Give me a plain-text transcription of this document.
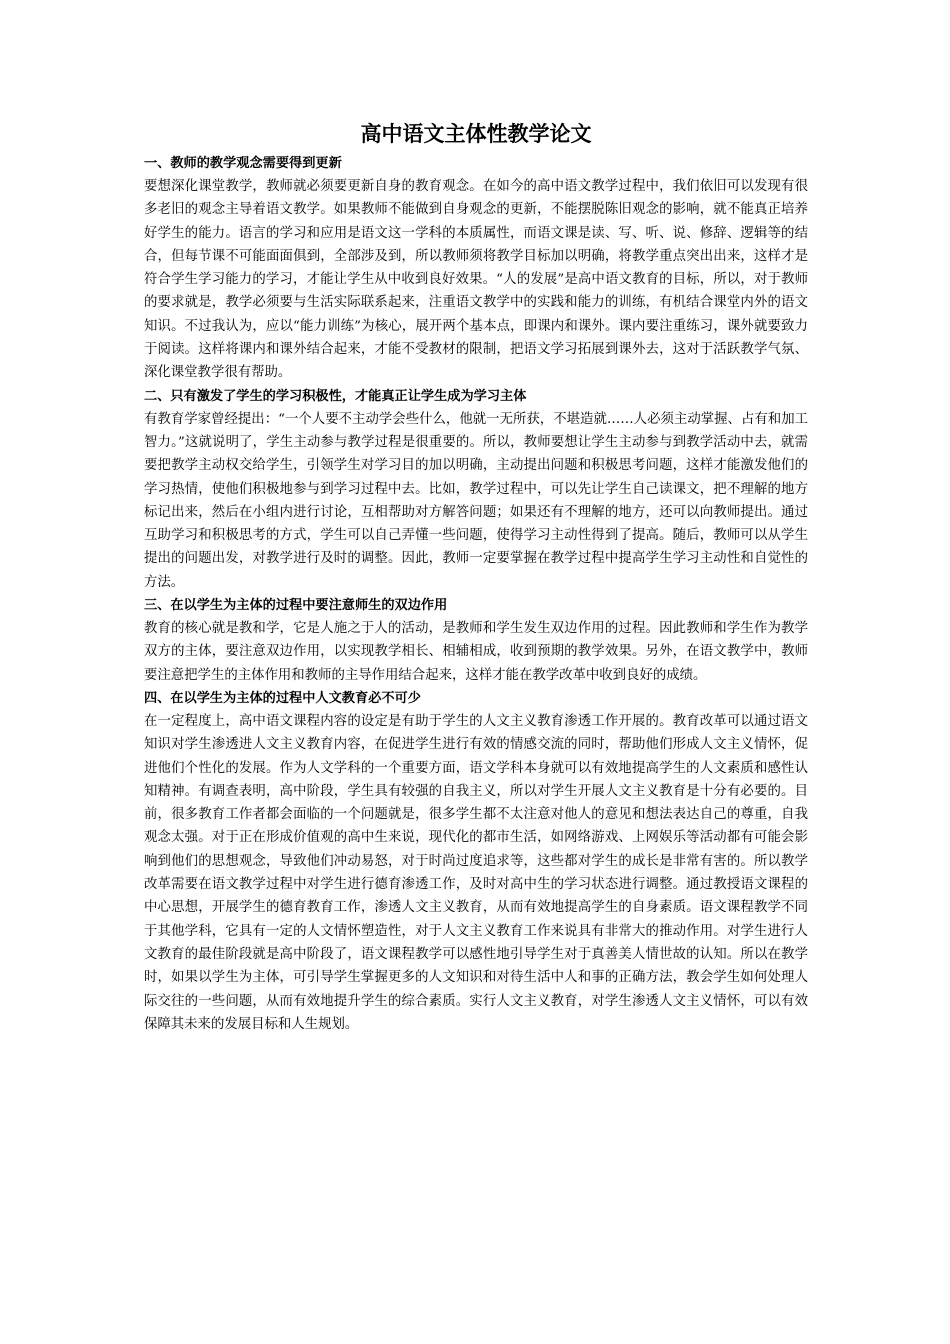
高中语文主体性教学论文
一、教师的教学观念需要得到更新

要想深化课堂教学，教师就必须要更新自身的教育观念。在如今的高中语文教学过程中，我们依旧可以发现有很多老旧的观念主导着语文教学。如果教师不能做到自身观念的更新，不能摆脱陈旧观念的影响，就不能真正培养好学生的能力。语言的学习和应用是语文这一学科的本质属性，而语文课是读、写、听、说、修辞、逻辑等的结合，但每节课不可能面面俱到，全部涉及到，所以教师须将教学目标加以明确，将教学重点突出出来，这样才是符合学生学习能力的学习，才能让学生从中收到良好效果。“人的发展”是高中语文教育的目标，所以，对于教师的要求就是，教学必须要与生活实际联系起来，注重语文教学中的实践和能力的训练，有机结合课堂内外的语文知识。不过我认为，应以“能力训练”为核心，展开两个基本点，即课内和课外。课内要注重练习，课外就要致力于阅读。这样将课内和课外结合起来，才能不受教材的限制，把语文学习拓展到课外去，这对于活跃教学气氛、深化课堂教学很有帮助。

二、只有激发了学生的学习积极性，才能真正让学生成为学习主体

有教育学家曾经提出：“一个人要不主动学会些什么，他就一无所获，不堪造就……人必须主动掌握、占有和加工智力。”这就说明了，学生主动参与教学过程是很重要的。所以，教师要想让学生主动参与到教学活动中去，就需要把教学主动权交给学生，引领学生对学习目的加以明确，主动提出问题和积极思考问题，这样才能激发他们的学习热情，使他们积极地参与到学习过程中去。比如，教学过程中，可以先让学生自己读课文，把不理解的地方标记出来，然后在小组内进行讨论，互相帮助对方解答问题；如果还有不理解的地方，还可以向教师提出。通过互助学习和积极思考的方式，学生可以自己弄懂一些问题，使得学习主动性得到了提高。随后，教师可以从学生提出的问题出发，对教学进行及时的调整。因此，教师一定要掌握在教学过程中提高学生学习主动性和自觉性的方法。

三、在以学生为主体的过程中要注意师生的双边作用

教育的核心就是教和学，它是人施之于人的活动，是教师和学生发生双边作用的过程。因此教师和学生作为教学双方的主体，要注意双边作用，以实现教学相长、相辅相成，收到预期的教学效果。另外，在语文教学中，教师要注意把学生的主体作用和教师的主导作用结合起来，这样才能在教学改革中收到良好的成绩。

四、在以学生为主体的过程中人文教育必不可少

在一定程度上，高中语文课程内容的设定是有助于学生的人文主义教育渗透工作开展的。教育改革可以通过语文知识对学生渗透进人文主义教育内容，在促进学生进行有效的情感交流的同时，帮助他们形成人文主义情怀，促进他们个性化的发展。作为人文学科的一个重要方面，语文学科本身就可以有效地提高学生的人文素质和感性认知精神。有调查表明，高中阶段，学生具有较强的自我主义，所以对学生开展人文主义教育是十分有必要的。目前，很多教育工作者都会面临的一个问题就是，很多学生都不太注意对他人的意见和想法表达自己的尊重，自我观念太强。对于正在形成价值观的高中生来说，现代化的都市生活，如网络游戏、上网娱乐等活动都有可能会影响到他们的思想观念，导致他们冲动易怒，对于时尚过度追求等，这些都对学生的成长是非常有害的。所以教学改革需要在语文教学过程中对学生进行德育渗透工作，及时对高中生的学习状态进行调整。通过教授语文课程的中心思想，开展学生的德育教育工作，渗透人文主义教育，从而有效地提高学生的自身素质。语文课程教学不同于其他学科，它具有一定的人文情怀塑造性，对于人文主义教育工作来说具有非常大的推动作用。对学生进行人文教育的最佳阶段就是高中阶段了，语文课程教学可以感性地引导学生对于真善美人情世故的认知。所以在教学时，如果以学生为主体，可引导学生掌握更多的人文知识和对待生活中人和事的正确方法，教会学生如何处理人际交往的一些问题，从而有效地提升学生的综合素质。实行人文主义教育，对学生渗透人文主义情怀，可以有效保障其未来的发展目标和人生规划。
